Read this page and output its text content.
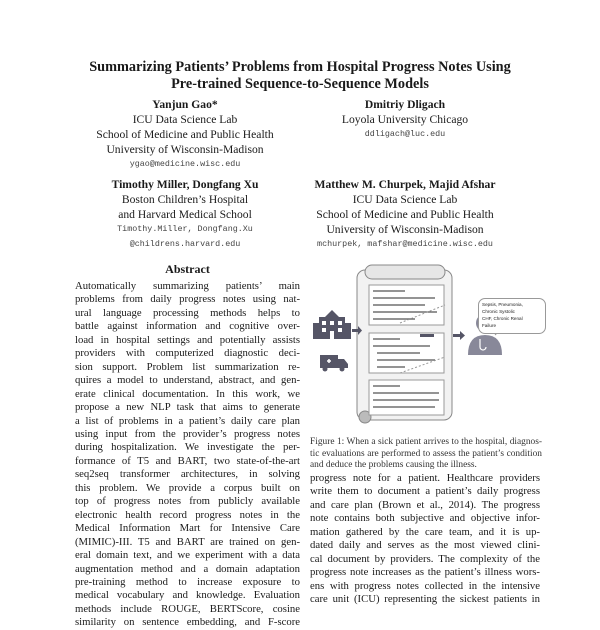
Summarizing Patients’ Problems from Hospital Progress Notes Using
Pre-trained Sequence-to-Sequence Models
Yanjun Gao*
ICU Data Science Lab
School of Medicine and Public Health
University of Wisconsin-Madison
ygao@medicine.wisc.edu
Dmitriy Dligach
Loyola University Chicago
ddligach@luc.edu
Timothy Miller, Dongfang Xu
Boston Children’s Hospital
and Harvard Medical School
Timothy.Miller, Dongfang.Xu
@childrens.harvard.edu
Matthew M. Churpek, Majid Afshar
ICU Data Science Lab
School of Medicine and Public Health
University of Wisconsin-Madison
mchurpek, mafshar@medicine.wisc.edu
Abstract
Automatically summarizing patients’ main
problems from daily progress notes using nat-
ural language processing methods helps to
battle against information and cognitive over-
load in hospital settings and potentially assists
providers with computerized diagnostic deci-
sion support. Problem list summarization re-
quires a model to understand, abstract, and gen-
erate clinical documentation. In this work, we
propose a new NLP task that aims to generate
a list of problems in a patient’s daily care plan
using input from the provider’s progress notes
during hospitalization. We investigate the per-
formance of T5 and BART, two state-of-the-art
seq2seq transformer architectures, in solving
this problem. We provide a corpus built on
top of progress notes from publicly available
electronic health record progress notes in the
Medical Information Mart for Intensive Care
(MIMIC)-III. T5 and BART are trained on gen-
eral domain text, and we experiment with a data
augmentation method and a domain adaptation
pre-training method to increase exposure to
medical vocabulary and knowledge. Evaluation
methods include ROUGE, BERTScore, cosine
similarity on sentence embedding, and F-score
Sepsis, Pneumonia,
Chronic Systolic
CHF, Chronic Renal
Failure
Figure 1: When a sick patient arrives to the hospital, diagnos-
tic evaluations are performed to assess the patient’s condition
and deduce the problems causing the illness.
progress note for a patient. Healthcare providers
write them to document a patient’s daily progress
and care plan (Brown et al., 2014). The progress
note contains both subjective and objective infor-
mation gathered by the care team, and it is up-
dated daily and serves as the most viewed clini-
cal document by providers. The complexity of the
progress note increases as the patient’s illness wors-
ens with progress notes collected in the intensive
care unit (ICU) representing the sickest patients in
